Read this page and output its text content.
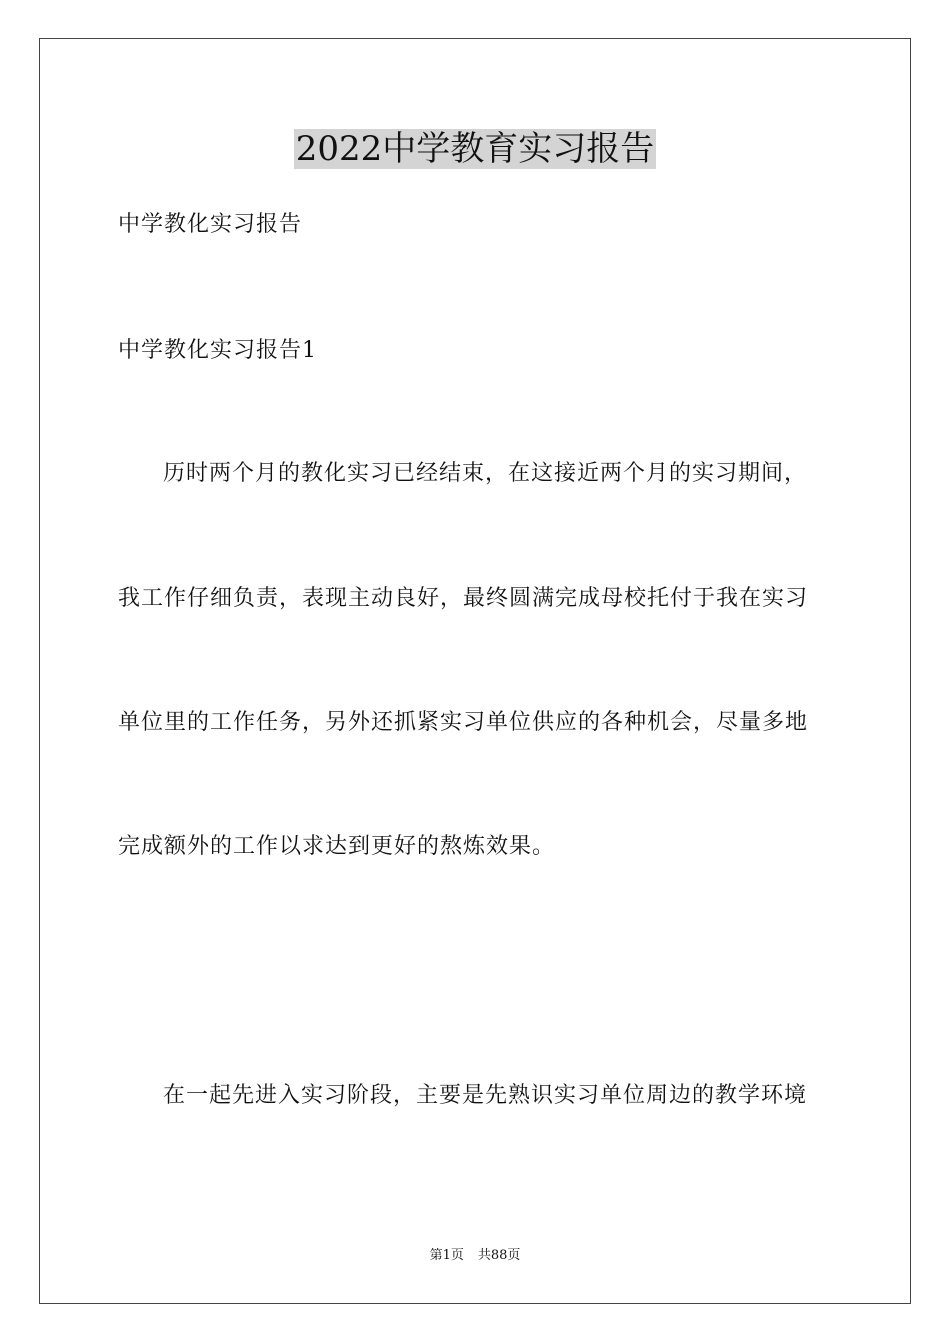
2022中学教育实习报告

中学教化实习报告

中学教化实习报告1

历时两个月的教化实习已经结束，在这接近两个月的实习期间，

我工作仔细负责，表现主动良好，最终圆满完成母校托付于我在实习

单位里的工作任务，另外还抓紧实习单位供应的各种机会，尽量多地

完成额外的工作以求达到更好的熬炼效果。

在一起先进入实习阶段，主要是先熟识实习单位周边的教学环境

第1页 共88页
